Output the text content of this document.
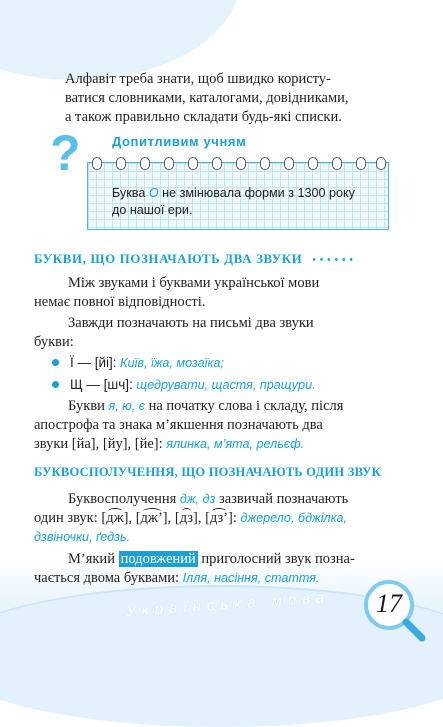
Алфавіт треба знати, щоб швидко користу-

ватися словниками, каталогами, довідниками,

а також правильно складати будь-які списки.

? Допитливим учням
Буква О не змінювала форми з 1300 року
до нашої ери.
БУКВИ, ЩО ПОЗНАЧАЮТЬ ДВА ЗВУКИ • • • • • •

Між звуками і буквами української мови

немає повної відповідності.

Завжди позначають на письмі два звуки

букви:

Ї — [йі]: Київ, їжа, мозаїка;
Щ — [шч]: щедрувати, щастя, пращури.

Букви я, ю, є на початку слова і складу, після

апострофа та знака м’якшення позначають два

звуки [йа], [йу], [йе]: ялинка, м’ята, рельєф.

БУКВОСПОЛУЧЕННЯ, ЩО ПОЗНАЧАЮТЬ ОДИН ЗВУК

Буквосполучення дж, дз зазвичай позначають

один звук: [дж], [дж’], [дз], [дз’]: джерело, бджілка,

дзвіночки, ґедзь.

М’який подовжений приголосний звук позна-

чається двома буквами: Ілля, насіння, стаття.

Українська мова	17
